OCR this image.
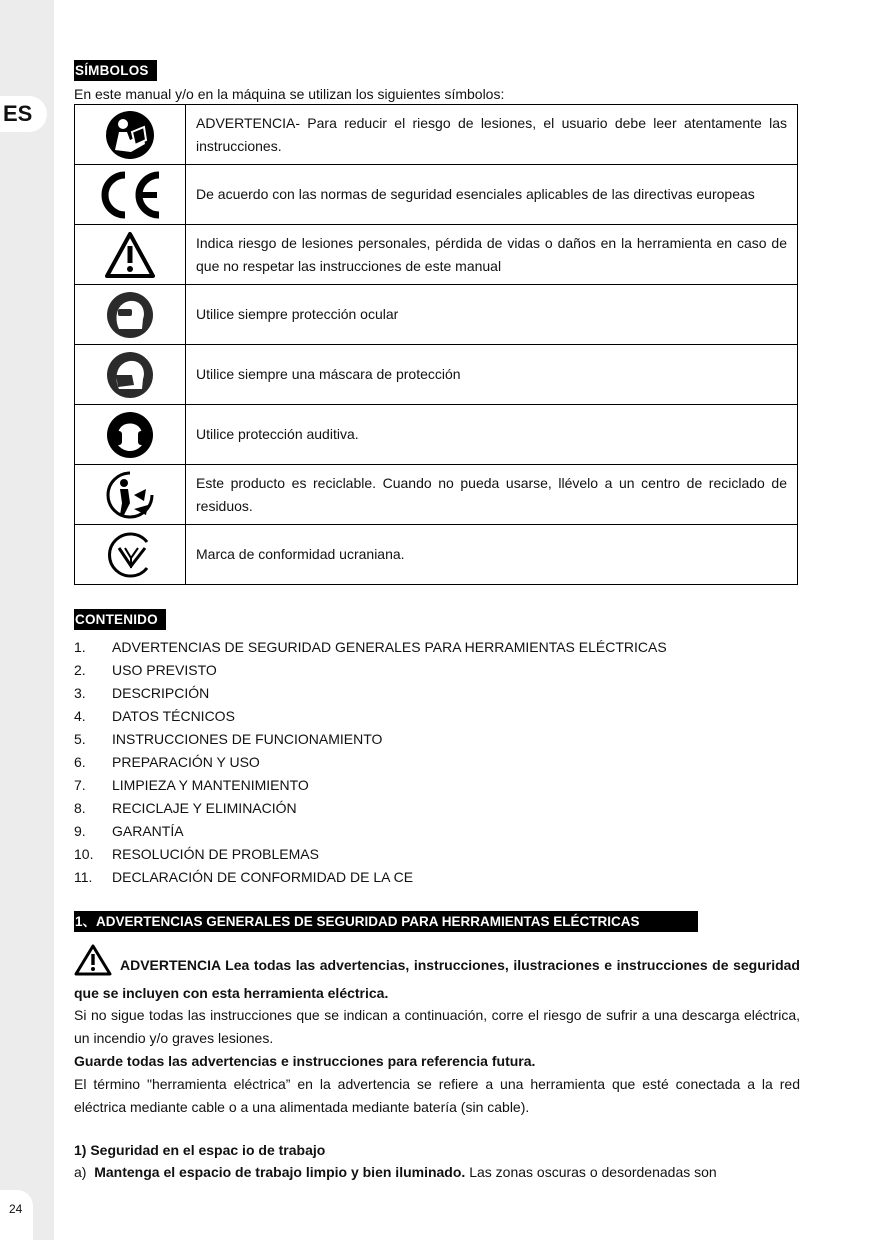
ES
24
SÍMBOLOS
En este manual y/o en la máquina se utilizan los siguientes símbolos:
	ADVERTENCIA- Para reducir el riesgo de lesiones, el usuario debe leer atentamente las instrucciones.

	De acuerdo con las normas de seguridad esenciales aplicables de las directivas europeas

	Indica riesgo de lesiones personales, pérdida de vidas o daños en la herramienta en caso de que no respetar las instrucciones de este manual

	Utilice siempre protección ocular

	Utilice siempre una máscara de protección

	Utilice protección auditiva.

	Este producto es reciclable. Cuando no pueda usarse, llévelo a un centro de reciclado de residuos.

	Marca de conformidad ucraniana.
CONTENIDO
1. ADVERTENCIAS DE SEGURIDAD GENERALES PARA HERRAMIENTAS ELÉCTRICAS
2. USO PREVISTO
3. DESCRIPCIÓN
4. DATOS TÉCNICOS
5. INSTRUCCIONES DE FUNCIONAMIENTO
6. PREPARACIÓN Y USO
7. LIMPIEZA Y MANTENIMIENTO
8. RECICLAJE Y ELIMINACIÓN
9. GARANTÍA
10. RESOLUCIÓN DE PROBLEMAS
11. DECLARACIÓN DE CONFORMIDAD DE LA CE
1、ADVERTENCIAS GENERALES DE SEGURIDAD PARA HERRAMIENTAS ELÉCTRICAS
ADVERTENCIA Lea todas las advertencias, instrucciones, ilustraciones e instrucciones de seguridad que se incluyen con esta herramienta eléctrica.

Si no sigue todas las instrucciones que se indican a continuación, corre el riesgo de sufrir a una descarga eléctrica, un incendio y/o graves lesiones.

Guarde todas las advertencias e instrucciones para referencia futura.

El término "herramienta eléctrica” en la advertencia se refiere a una herramienta que esté conectada a la red eléctrica mediante cable o a una alimentada mediante batería (sin cable).

1) Seguridad en el espac io de trabajo

a) Mantenga el espacio de trabajo limpio y bien iluminado. Las zonas oscuras o desordenadas son
